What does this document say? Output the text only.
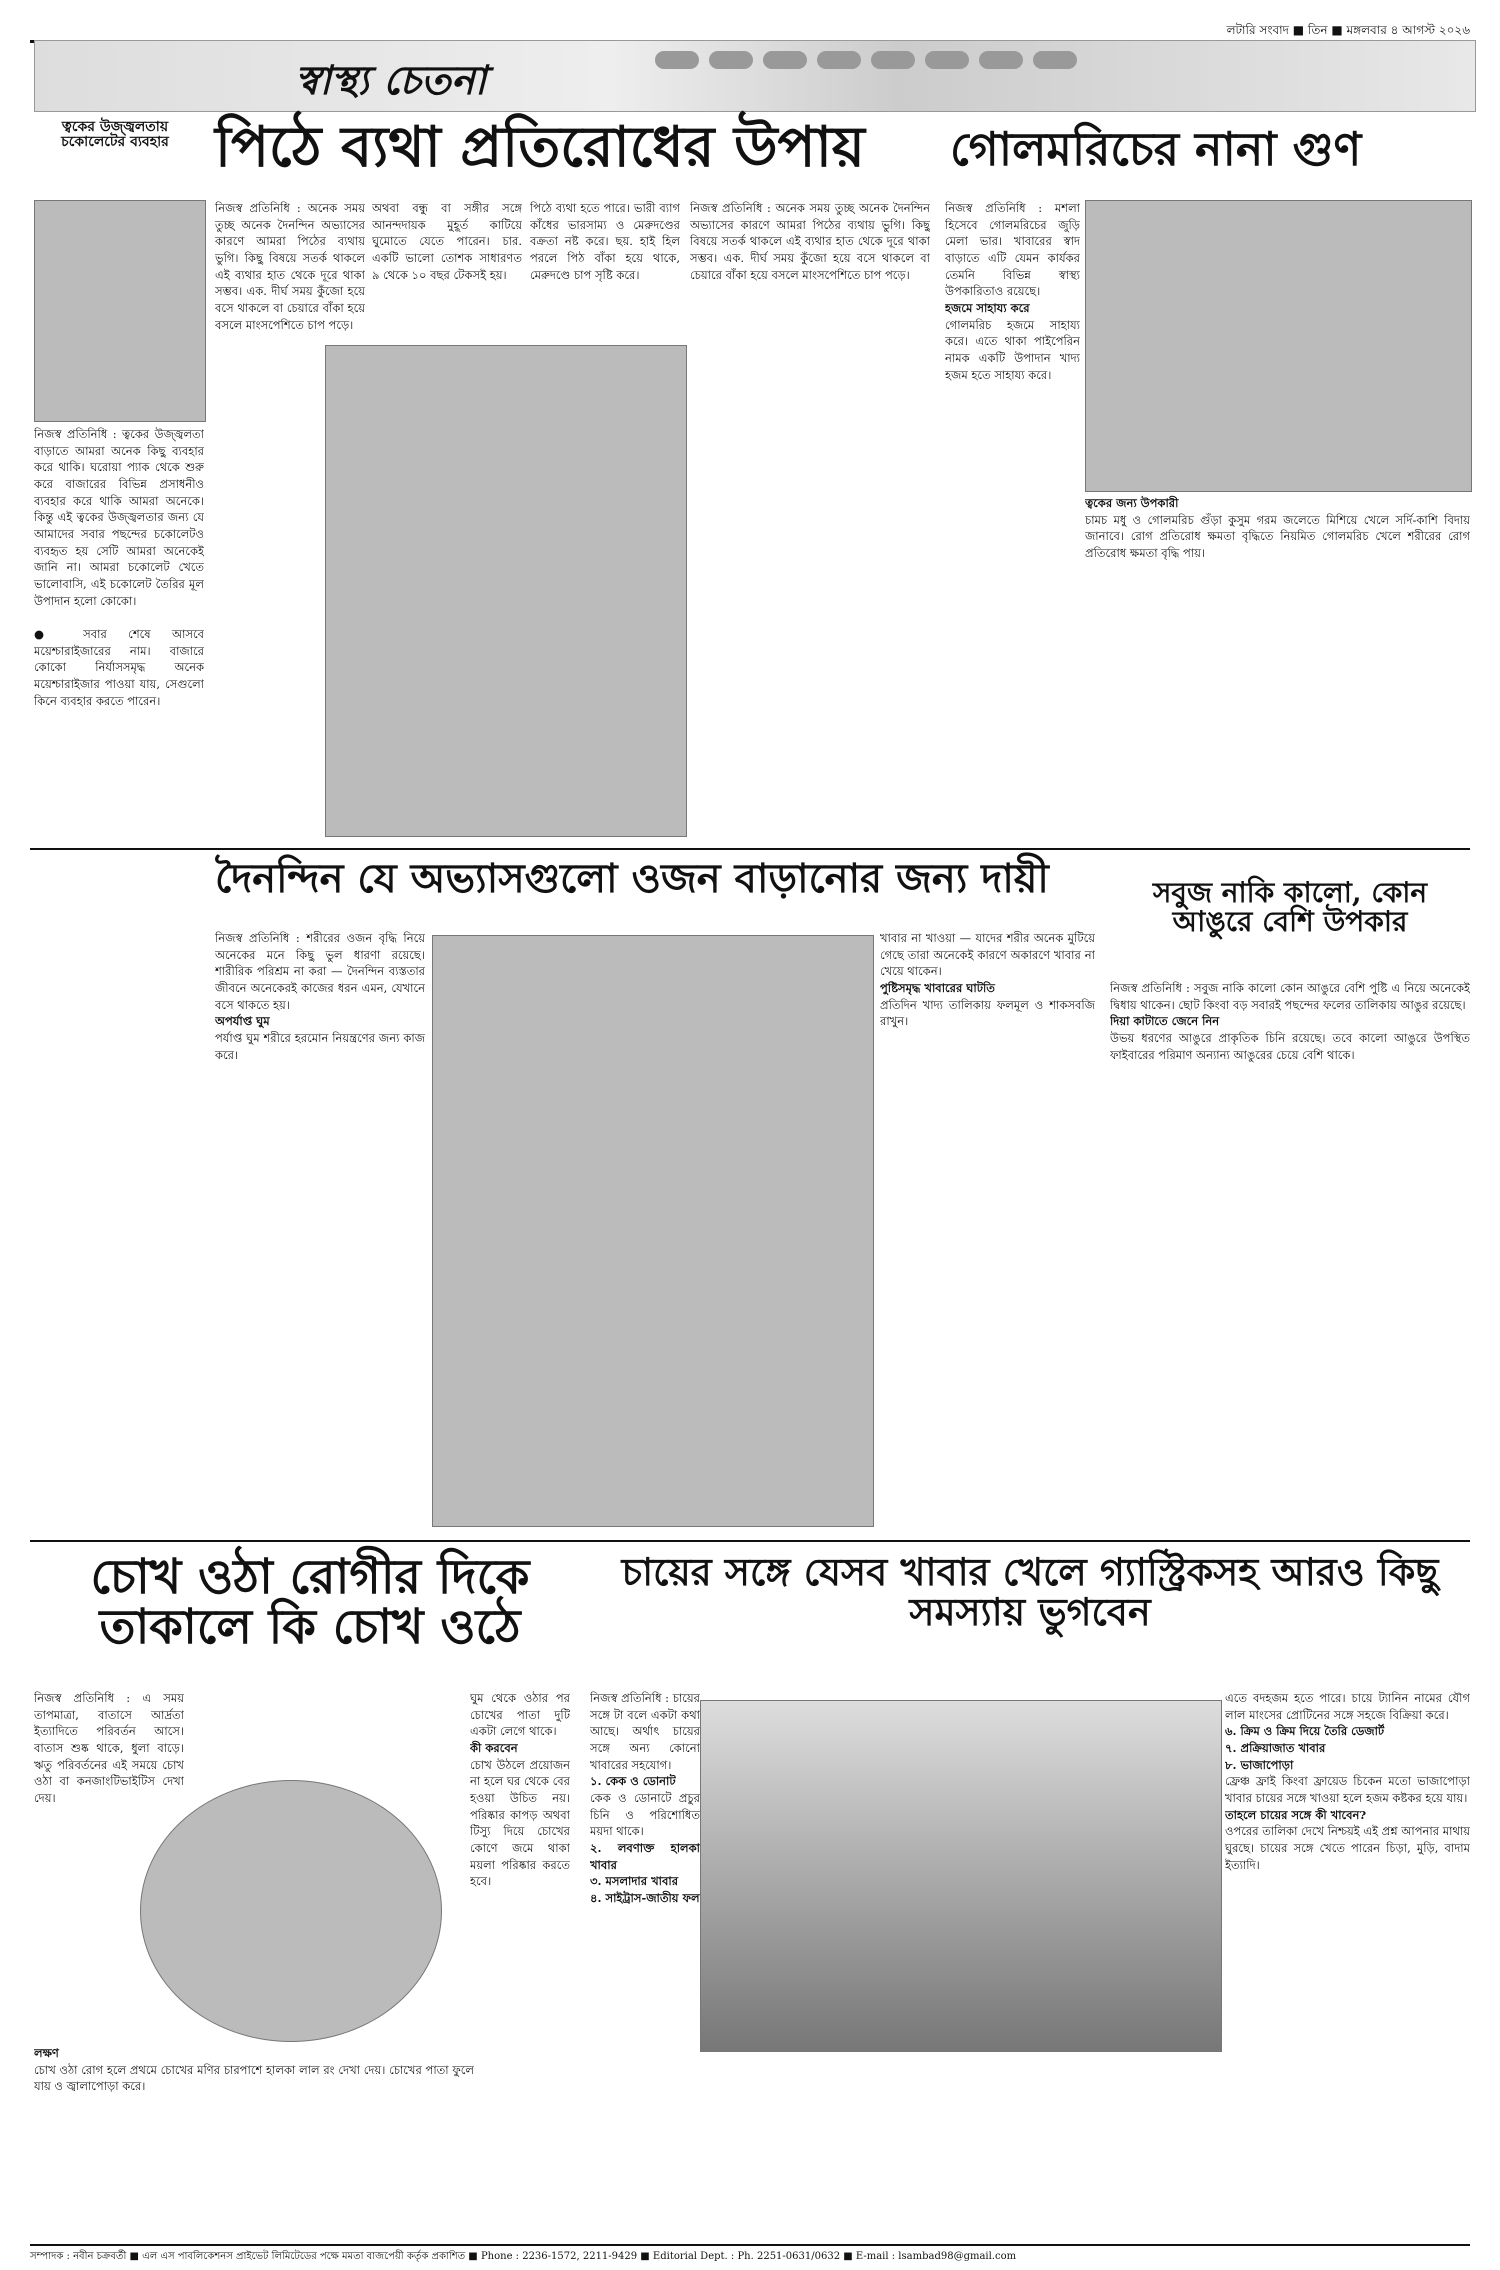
লটারি সংবাদ ■ তিন ■ মঙ্গলবার ৪ আগস্ট ২০২৬
স্বাস্থ্য চেতনা
ত্বকের উজ্জ্বলতায় চকোলেটের ব্যবহার
নিজস্ব প্রতিনিধি : ত্বকের উজ্জ্বলতা বাড়াতে আমরা অনেক কিছু ব্যবহার করে থাকি। ঘরোয়া প্যাক থেকে শুরু করে বাজারের বিভিন্ন প্রসাধনীও ব্যবহার করে থাকি আমরা অনেকে। কিন্তু এই ত্বকের উজ্জ্বলতার জন্য যে আমাদের সবার পছন্দের চকোলেটও ব্যবহৃত হয় সেটি আমরা অনেকেই জানি না। আমরা চকোলেট খেতে ভালোবাসি, এই চকোলেট তৈরির মূল উপাদান হলো কোকো।

● সবার শেষে আসবে ময়েশ্চারাইজারের নাম। বাজারে কোকো নির্যাসসমৃদ্ধ অনেক ময়েশ্চারাইজার পাওয়া যায়, সেগুলো কিনে ব্যবহার করতে পারেন।
পিঠে ব্যথা প্রতিরোধের উপায়
নিজস্ব প্রতিনিধি : অনেক সময় তুচ্ছ অনেক দৈনন্দিন অভ্যাসের কারণে আমরা পিঠের ব্যথায় ভুগি। কিছু বিষয়ে সতর্ক থাকলে এই ব্যথার হাত থেকে দূরে থাকা সম্ভব। এক. দীর্ঘ সময় কুঁজো হয়ে বসে থাকলে বা চেয়ারে বাঁকা হয়ে বসলে মাংসপেশিতে চাপ পড়ে।
অথবা বন্ধু বা সঙ্গীর সঙ্গে আনন্দদায়ক মুহূর্ত কাটিয়ে ঘুমোতে যেতে পারেন। চার. একটি ভালো তোশক সাধারণত ৯ থেকে ১০ বছর টেকসই হয়।
পিঠে ব্যথা হতে পারে। ভারী ব্যাগ কাঁধের ভারসাম্য ও মেরুদণ্ডের বক্রতা নষ্ট করে। ছয়. হাই হিল পরলে পিঠ বাঁকা হয়ে থাকে, মেরুদণ্ডে চাপ সৃষ্টি করে।
নিজস্ব প্রতিনিধি : অনেক সময় তুচ্ছ অনেক দৈনন্দিন অভ্যাসের কারণে আমরা পিঠের ব্যথায় ভুগি। কিছু বিষয়ে সতর্ক থাকলে এই ব্যথার হাত থেকে দূরে থাকা সম্ভব। এক. দীর্ঘ সময় কুঁজো হয়ে বসে থাকলে বা চেয়ারে বাঁকা হয়ে বসলে মাংসপেশিতে চাপ পড়ে।
গোলমরিচের নানা গুণ
নিজস্ব প্রতিনিধি : মশলা হিসেবে গোলমরিচের জুড়ি মেলা ভার। খাবারের স্বাদ বাড়াতে এটি যেমন কার্যকর তেমনি বিভিন্ন স্বাস্থ্য উপকারিতাও রয়েছে।
হজমে সাহায্য করে
গোলমরিচ হজমে সাহায্য করে। এতে থাকা পাইপেরিন নামক একটি উপাদান খাদ্য হজম হতে সাহায্য করে।
ত্বকের জন্য উপকারী
চামচ মধু ও গোলমরিচ গুঁড়া কুসুম গরম জলেতে মিশিয়ে খেলে সর্দি-কাশি বিদায় জানাবে। রোগ প্রতিরোধ ক্ষমতা বৃদ্ধিতে নিয়মিত গোলমরিচ খেলে শরীরের রোগ প্রতিরোধ ক্ষমতা বৃদ্ধি পায়।
দৈনন্দিন যে অভ্যাসগুলো ওজন বাড়ানোর জন্য দায়ী
নিজস্ব প্রতিনিধি : শরীরের ওজন বৃদ্ধি নিয়ে অনেকের মনে কিছু ভুল ধারণা রয়েছে। শারীরিক পরিশ্রম না করা — দৈনন্দিন ব্যস্ততার জীবনে অনেকেরই কাজের ধরন এমন, যেখানে বসে থাকতে হয়।
অপর্যাপ্ত ঘুম
পর্যাপ্ত ঘুম শরীরে হরমোন নিয়ন্ত্রণের জন্য কাজ করে।
খাবার না খাওয়া — যাদের শরীর অনেক মুটিয়ে গেছে তারা অনেকেই কারণে অকারণে খাবার না খেয়ে থাকেন।
পুষ্টিসমৃদ্ধ খাবারের ঘাটতি
প্রতিদিন খাদ্য তালিকায় ফলমূল ও শাকসবজি রাখুন।
সবুজ নাকি কালো, কোন আঙুরে বেশি উপকার
নিজস্ব প্রতিনিধি : সবুজ নাকি কালো কোন আঙুরে বেশি পুষ্টি এ নিয়ে অনেকেই দ্বিধায় থাকেন। ছোট কিংবা বড় সবারই পছন্দের ফলের তালিকায় আঙুর রয়েছে।
দিয়া কাটাতে জেনে নিন
উভয় ধরণের আঙুরে প্রাকৃতিক চিনি রয়েছে। তবে কালো আঙুরে উপস্থিত ফাইবারের পরিমাণ অন্যান্য আঙুরের চেয়ে বেশি থাকে।
চোখ ওঠা রোগীর দিকে তাকালে কি চোখ ওঠে
নিজস্ব প্রতিনিধি : এ সময় তাপমাত্রা, বাতাসে আর্দ্রতা ইত্যাদিতে পরিবর্তন আসে। বাতাস শুষ্ক থাকে, ধুলা বাড়ে। ঋতু পরিবর্তনের এই সময়ে চোখ ওঠা বা কনজাংটিভাইটিস দেখা দেয়।
লক্ষণ
চোখ ওঠা রোগ হলে প্রথমে চোখের মণির চারপাশে হালকা লাল রং দেখা দেয়। চোখের পাতা ফুলে যায় ও জ্বালাপোড়া করে।
ঘুম থেকে ওঠার পর চোখের পাতা দুটি একটা লেগে থাকে।
কী করবেন
চোখ উঠলে প্রয়োজন না হলে ঘর থেকে বের হওয়া উচিত নয়। পরিষ্কার কাপড় অথবা টিস্যু দিয়ে চোখের কোণে জমে থাকা ময়লা পরিষ্কার করতে হবে।
চায়ের সঙ্গে যেসব খাবার খেলে গ্যাস্ট্রিকসহ আরও কিছু সমস্যায় ভুগবেন
নিজস্ব প্রতিনিধি : চায়ের সঙ্গে টা বলে একটা কথা আছে। অর্থাৎ চায়ের সঙ্গে অন্য কোনো খাবারের সহযোগ।
১. কেক ও ডোনাট
কেক ও ডোনাটে প্রচুর চিনি ও পরিশোধিত ময়দা থাকে।
২. লবণাক্ত হালকা খাবার
৩. মসলাদার খাবার
৪. সাইট্রাস-জাতীয় ফল
এতে বদহজম হতে পারে। চায়ে ট্যানিন নামের যৌগ লাল মাংসের প্রোটিনের সঙ্গে সহজে বিক্রিয়া করে।
৬. ক্রিম ও ক্রিম দিয়ে তৈরি ডেজার্ট
৭. প্রক্রিয়াজাত খাবার
৮. ভাজাপোড়া
ফ্রেঞ্চ ফ্রাই কিংবা ফ্রায়েড চিকেন মতো ভাজাপোড়া খাবার চায়ের সঙ্গে খাওয়া হলে হজম কষ্টকর হয়ে যায়।
তাহলে চায়ের সঙ্গে কী খাবেন?
ওপরের তালিকা দেখে নিশ্চয়ই এই প্রশ্ন আপনার মাথায় ঘুরছে। চায়ের সঙ্গে খেতে পারেন চিড়া, মুড়ি, বাদাম ইত্যাদি।
সম্পাদক : নবীন চক্রবর্তী ■ এল এস পাবলিকেশনস প্রাইভেট লিমিটেডের পক্ষে মমতা বাজপেয়ী কর্তৃক প্রকাশিত ■ Phone : 2236-1572, 2211-9429 ■ Editorial Dept. : Ph. 2251-0631/0632 ■ E-mail : lsambad98@gmail.com
